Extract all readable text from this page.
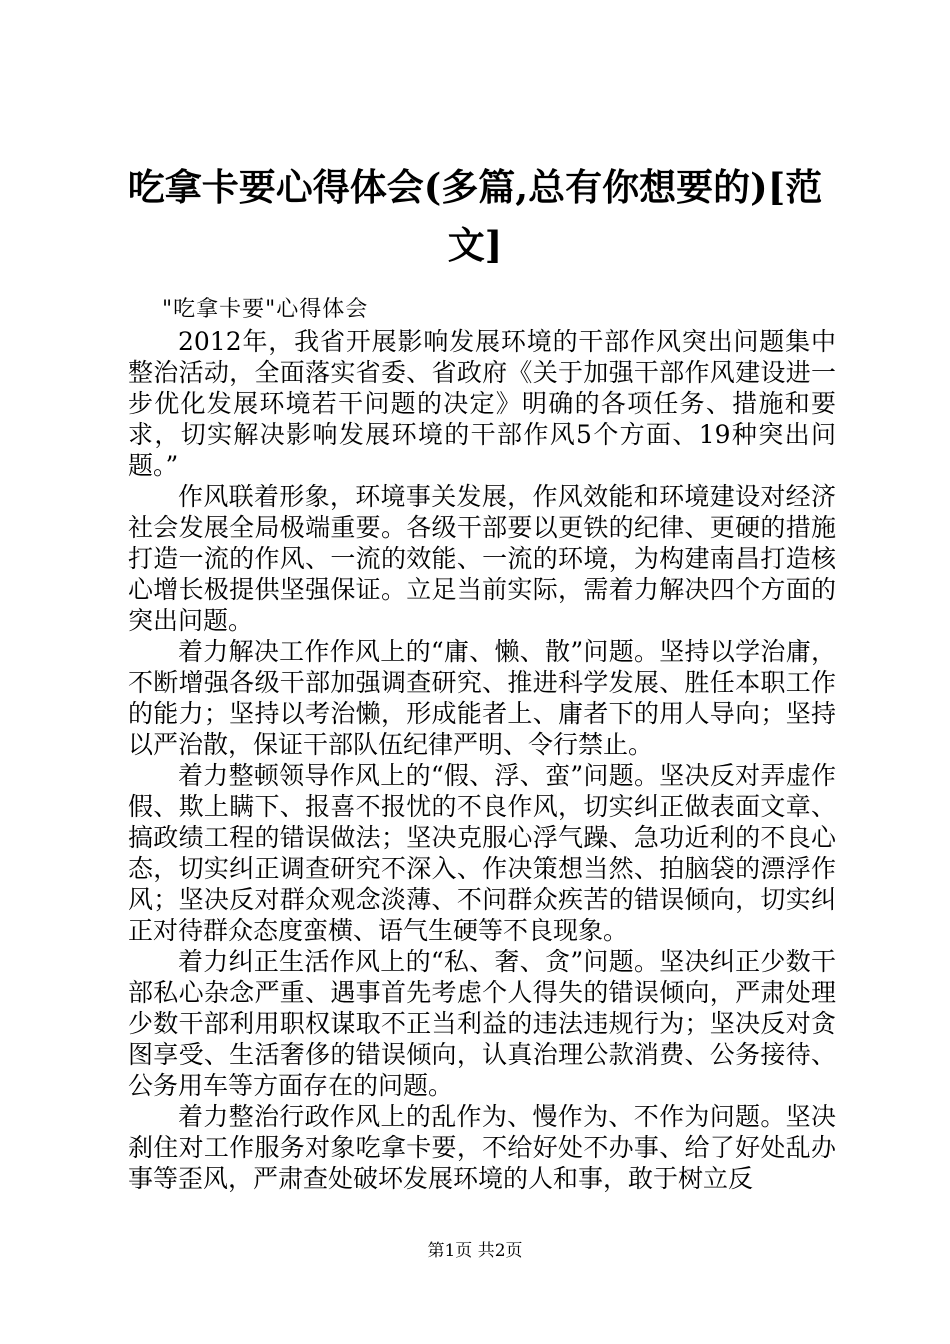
吃拿卡要心得体会(多篇,总有你想要的)[范文]

"吃拿卡要"心得体会

2012年，我省开展影响发展环境的干部作风突出问题集中整治活动，全面落实省委、省政府《关于加强干部作风建设进一步优化发展环境若干问题的决定》明确的各项任务、措施和要求，切实解决影响发展环境的干部作风5个方面、19种突出问题。”

作风联着形象，环境事关发展，作风效能和环境建设对经济社会发展全局极端重要。各级干部要以更铁的纪律、更硬的措施打造一流的作风、一流的效能、一流的环境，为构建南昌打造核心增长极提供坚强保证。立足当前实际，需着力解决四个方面的突出问题。

着力解决工作作风上的“庸、懒、散”问题。坚持以学治庸，不断增强各级干部加强调查研究、推进科学发展、胜任本职工作的能力；坚持以考治懒，形成能者上、庸者下的用人导向；坚持以严治散，保证干部队伍纪律严明、令行禁止。

着力整顿领导作风上的“假、浮、蛮”问题。坚决反对弄虚作假、欺上瞒下、报喜不报忧的不良作风，切实纠正做表面文章、搞政绩工程的错误做法；坚决克服心浮气躁、急功近利的不良心态，切实纠正调查研究不深入、作决策想当然、拍脑袋的漂浮作风；坚决反对群众观念淡薄、不问群众疾苦的错误倾向，切实纠正对待群众态度蛮横、语气生硬等不良现象。

着力纠正生活作风上的“私、奢、贪”问题。坚决纠正少数干部私心杂念严重、遇事首先考虑个人得失的错误倾向，严肃处理少数干部利用职权谋取不正当利益的违法违规行为；坚决反对贪图享受、生活奢侈的错误倾向，认真治理公款消费、公务接待、公务用车等方面存在的问题。

着力整治行政作风上的乱作为、慢作为、不作为问题。坚决刹住对工作服务对象吃拿卡要，不给好处不办事、给了好处乱办事等歪风，严肃查处破坏发展环境的人和事，敢于树立反

第1页 共2页
